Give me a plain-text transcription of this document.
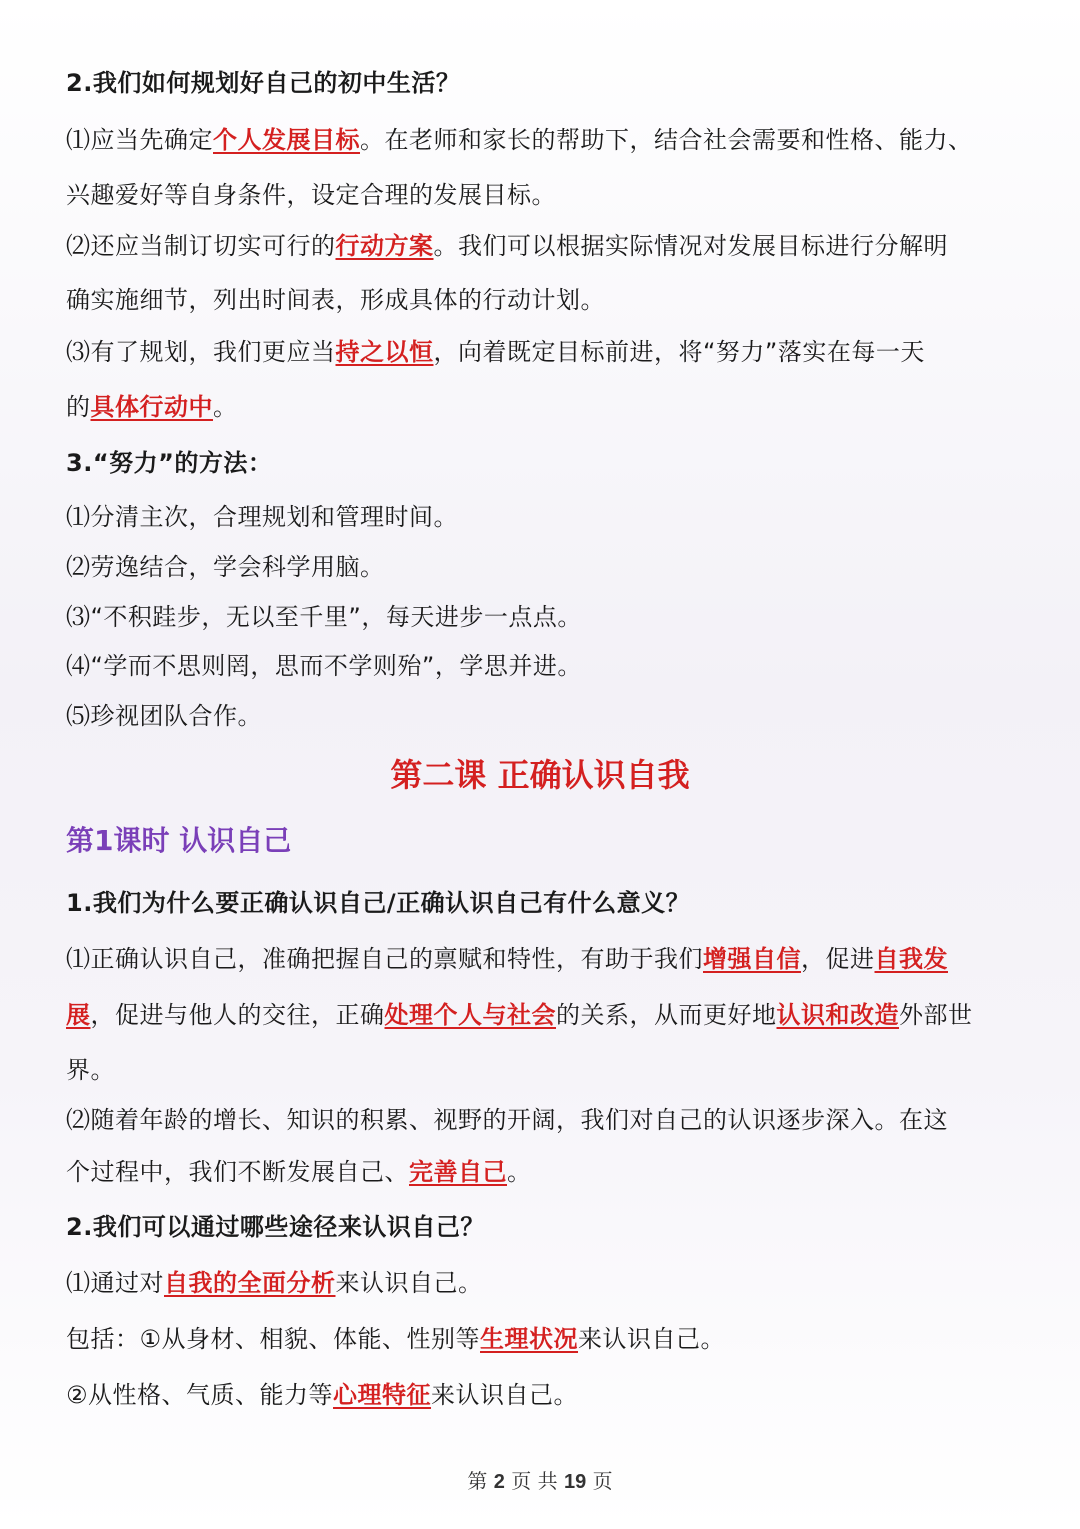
2.我们如何规划好自己的初中生活？
⑴应当先确定个人发展目标。在老师和家长的帮助下，结合社会需要和性格、能力、
兴趣爱好等自身条件，设定合理的发展目标。
⑵还应当制订切实可行的行动方案。我们可以根据实际情况对发展目标进行分解明
确实施细节，列出时间表，形成具体的行动计划。
⑶有了规划，我们更应当持之以恒，向着既定目标前进，将“努力”落实在每一天
的具体行动中。
3.“努力”的方法：
⑴分清主次，合理规划和管理时间。
⑵劳逸结合，学会科学用脑。
⑶“不积跬步，无以至千里”，每天进步一点点。
⑷“学而不思则罔，思而不学则殆”，学思并进。
⑸珍视团队合作。
第二课 正确认识自我
第1课时 认识自己
1.我们为什么要正确认识自己/正确认识自己有什么意义？
⑴正确认识自己，准确把握自己的禀赋和特性，有助于我们增强自信，促进自我发
展，促进与他人的交往，正确处理个人与社会的关系，从而更好地认识和改造外部世
界。
⑵随着年龄的增长、知识的积累、视野的开阔，我们对自己的认识逐步深入。在这
个过程中，我们不断发展自己、完善自己。
2.我们可以通过哪些途径来认识自己？
⑴通过对自我的全面分析来认识自己。
包括：①从身材、相貌、体能、性别等生理状况来认识自己。
②从性格、气质、能力等心理特征来认识自己。
第 2 页 共 19 页
